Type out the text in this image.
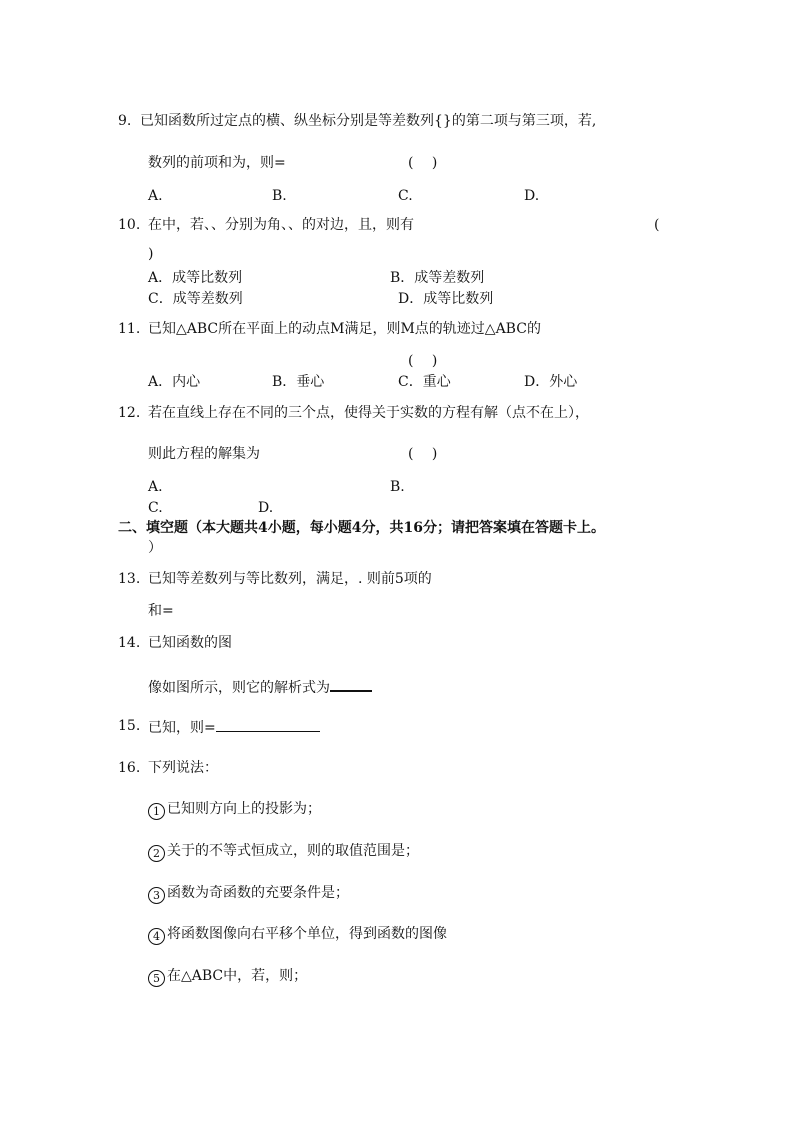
9. 已知函数所过定点的横、纵坐标分别是等差数列{}的第二项与第三项，若,
数列的前项和为，则=	(　 )
A.	B.	C.	D.
10. 在中，若、、分别为角、、的对边，且，则有	(
)
A．成等比数列	B．成等差数列
C．成等差数列	D．成等比数列
11. 已知△ABC所在平面上的动点M满足，则M点的轨迹过△ABC的
(　 )
A．内心	B．垂心	C．重心	D．外心
12. 若在直线上存在不同的三个点，使得关于实数的方程有解（点不在上），
则此方程的解集为	(　 )
A.	B.
C.	D.
二、填空题（本大题共4小题，每小题4分，共16分；请把答案填在答题卡上。
）
13. 已知等差数列与等比数列，满足，. 则前5项的
和=
14. 已知函数的图
像如图所示，则它的解析式为
15. 已知，则=
16. 下列说法：
1 已知则方向上的投影为；
2 关于的不等式恒成立，则的取值范围是；
3 函数为奇函数的充要条件是；
4 将函数图像向右平移个单位，得到函数的图像
5 在△ABC中，若，则；
